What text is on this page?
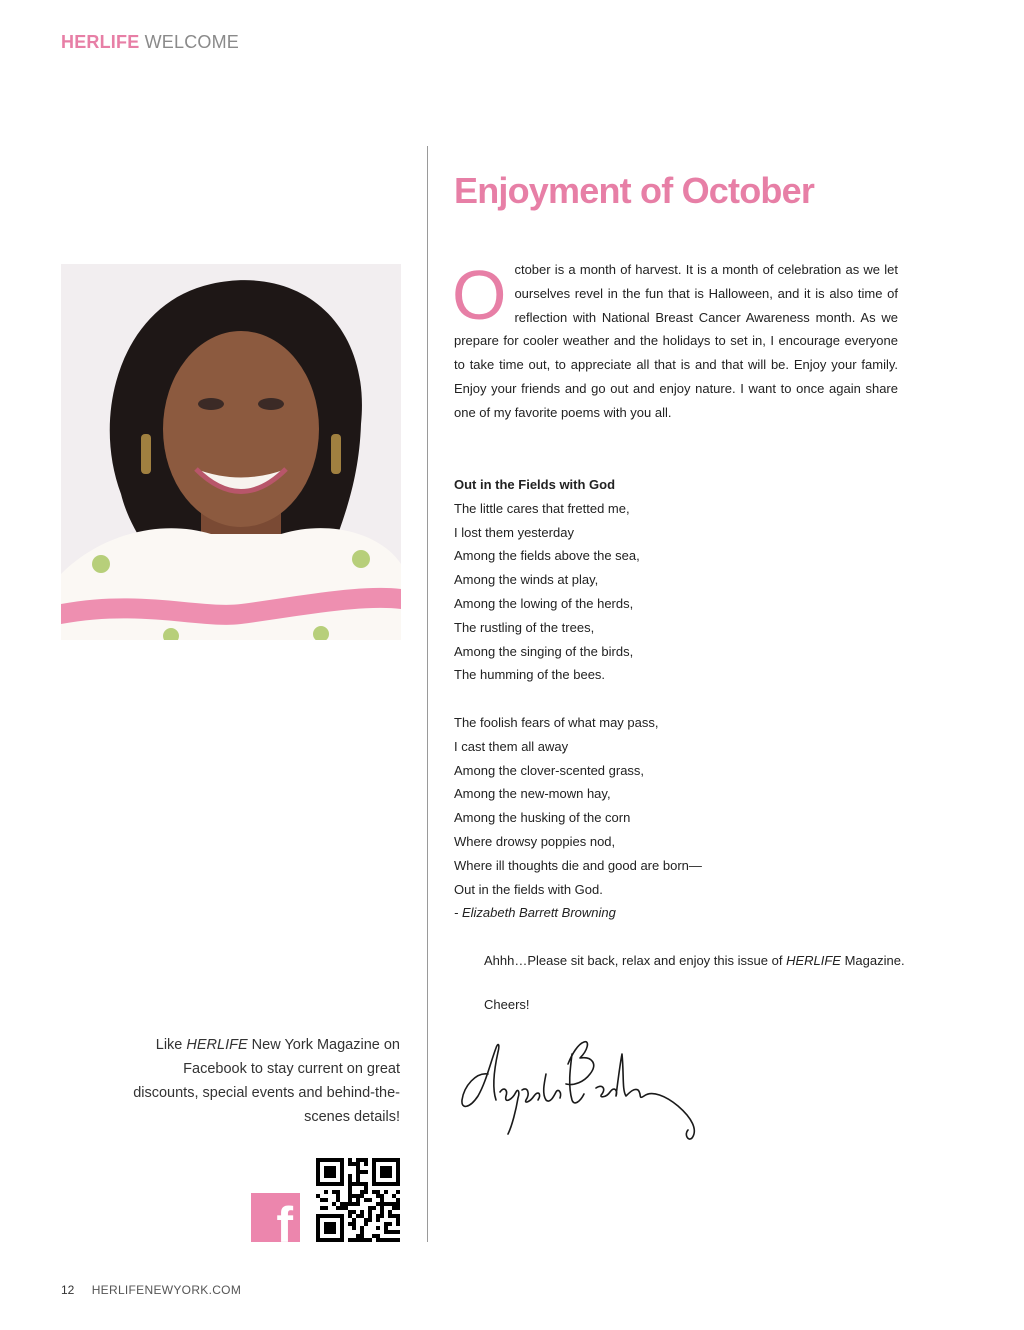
HERLIFE WELCOME
Enjoyment of October
October is a month of harvest. It is a month of celebration as we let ourselves revel in the fun that is Halloween, and it is also time of reflection with National Breast Cancer Awareness month. As we prepare for cooler weather and the holidays to set in, I encourage everyone to take time out, to appreciate all that is and that will be. Enjoy your family. Enjoy your friends and go out and enjoy nature. I want to once again share one of my favorite poems with you all.
Out in the Fields with God
The little cares that fretted me,
I lost them yesterday
Among the fields above the sea,
Among the winds at play,
Among the lowing of the herds,
The rustling of the trees,
Among the singing of the birds,
The humming of the bees.
The foolish fears of what may pass,
I cast them all away
Among the clover-scented grass,
Among the new-mown hay,
Among the husking of the corn
Where drowsy poppies nod,
Where ill thoughts die and good are born—
Out in the fields with God.
- Elizabeth Barrett Browning
Ahhh…Please sit back, relax and enjoy this issue of HERLIFE Magazine.
Cheers!
Like HERLIFE New York Magazine on Facebook to stay current on great discounts, special events and behind-the-scenes details!
f
12 HERLIFENEWYORK.COM
